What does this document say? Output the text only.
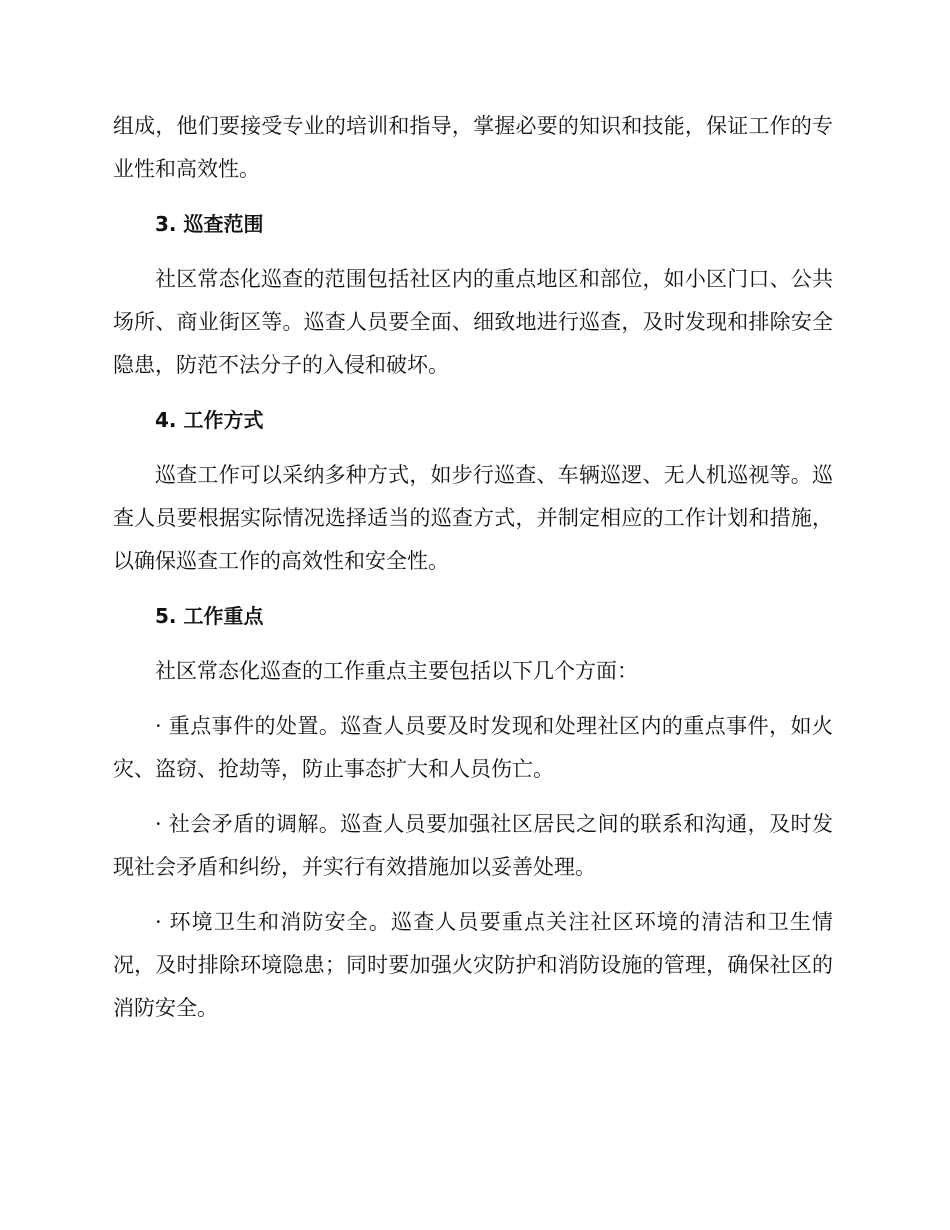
组成，他们要接受专业的培训和指导，掌握必要的知识和技能，保证工作的专业性和高效性。

3. 巡查范围

社区常态化巡查的范围包括社区内的重点地区和部位，如小区门口、公共场所、商业街区等。巡查人员要全面、细致地进行巡查，及时发现和排除安全隐患，防范不法分子的入侵和破坏。

4. 工作方式

巡查工作可以采纳多种方式，如步行巡查、车辆巡逻、无人机巡视等。巡查人员要根据实际情况选择适当的巡查方式，并制定相应的工作计划和措施，以确保巡查工作的高效性和安全性。

5. 工作重点

社区常态化巡查的工作重点主要包括以下几个方面：

· 重点事件的处置。巡查人员要及时发现和处理社区内的重点事件，如火灾、盗窃、抢劫等，防止事态扩大和人员伤亡。

· 社会矛盾的调解。巡查人员要加强社区居民之间的联系和沟通，及时发现社会矛盾和纠纷，并实行有效措施加以妥善处理。

· 环境卫生和消防安全。巡查人员要重点关注社区环境的清洁和卫生情况，及时排除环境隐患；同时要加强火灾防护和消防设施的管理，确保社区的消防安全。
